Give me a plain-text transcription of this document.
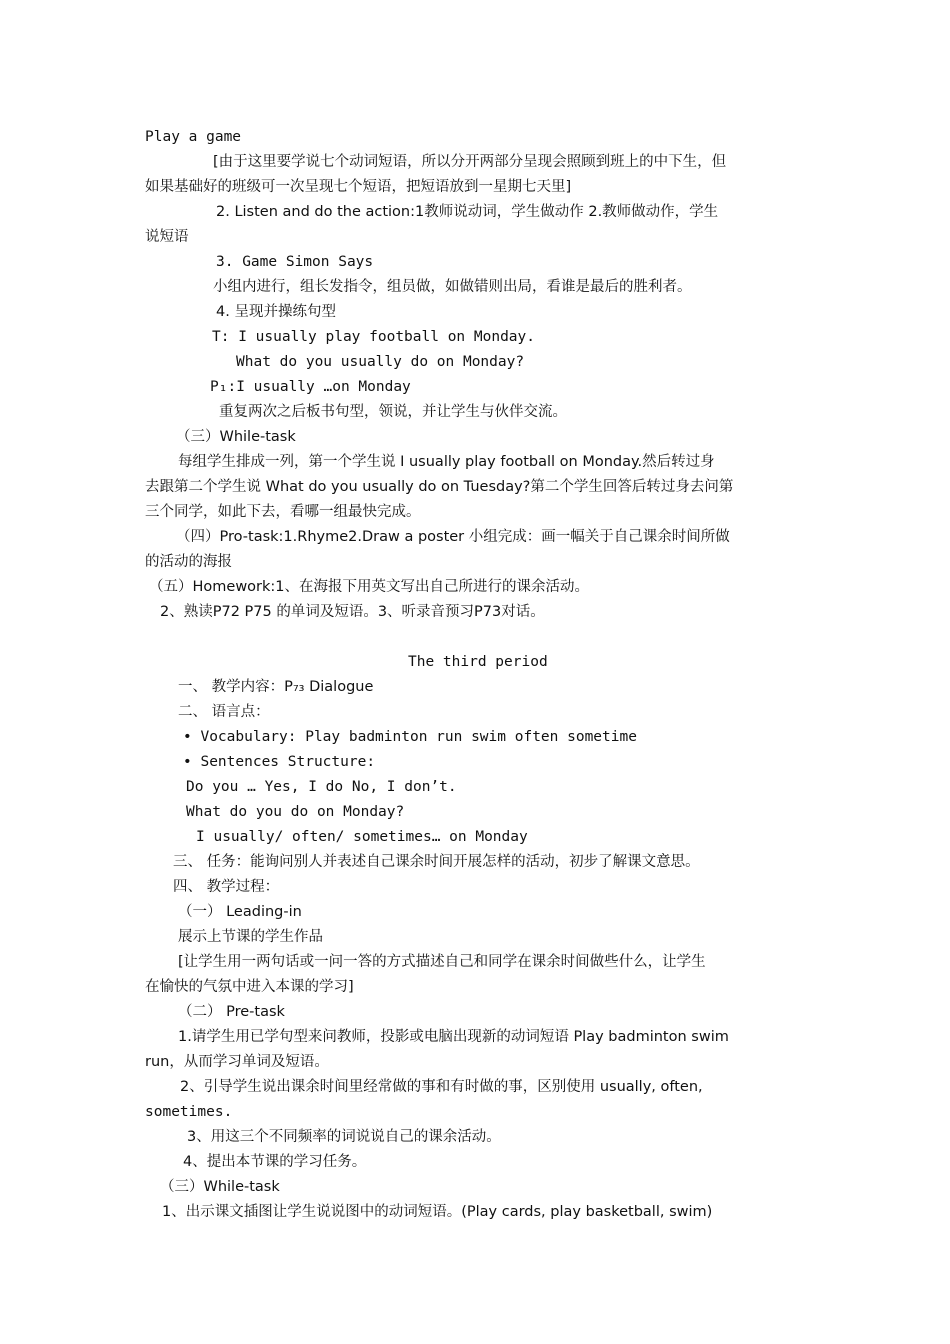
Play a game
[由于这里要学说七个动词短语，所以分开两部分呈现会照顾到班上的中下生，但
如果基础好的班级可一次呈现七个短语，把短语放到一星期七天里]
2. Listen and do the action:1教师说动词，学生做动作 2.教师做动作，学生
说短语
3. Game Simon Says
小组内进行，组长发指令，组员做，如做错则出局，看谁是最后的胜利者。
4. 呈现并操练句型
T: I usually play football on Monday.
What do you usually do on Monday?
P₁:I usually …on Monday
重复两次之后板书句型，领说，并让学生与伙伴交流。
（三）While-task
每组学生排成一列，第一个学生说 I usually play football on Monday.然后转过身
去跟第二个学生说 What do you usually do on Tuesday?第二个学生回答后转过身去问第
三个同学，如此下去，看哪一组最快完成。
（四）Pro-task:1.Rhyme2.Draw a poster 小组完成：画一幅关于自己课余时间所做
的活动的海报
（五）Homework:1、在海报下用英文写出自己所进行的课余活动。
2、熟读P72 P75 的单词及短语。3、听录音预习P73对话。
The third period
一、 教学内容：P₇₃ Dialogue
二、 语言点：
• Vocabulary: Play badminton run swim often sometime
• Sentences Structure:
Do you … Yes, I do No, I don’t.
What do you do on Monday?
I usually/ often/ sometimes… on Monday
三、 任务：能询问别人并表述自己课余时间开展怎样的活动，初步了解课文意思。
四、 教学过程：
（一） Leading-in
展示上节课的学生作品
[让学生用一两句话或一问一答的方式描述自己和同学在课余时间做些什么，让学生
在愉快的气氛中进入本课的学习]
（二） Pre-task
1.请学生用已学句型来问教师，投影或电脑出现新的动词短语 Play badminton swim
run，从而学习单词及短语。
2、引导学生说出课余时间里经常做的事和有时做的事，区别使用 usually, often,
sometimes.
3、用这三个不同频率的词说说自己的课余活动。
4、提出本节课的学习任务。
（三）While-task
1、出示课文插图让学生说说图中的动词短语。(Play cards, play basketball, swim)
